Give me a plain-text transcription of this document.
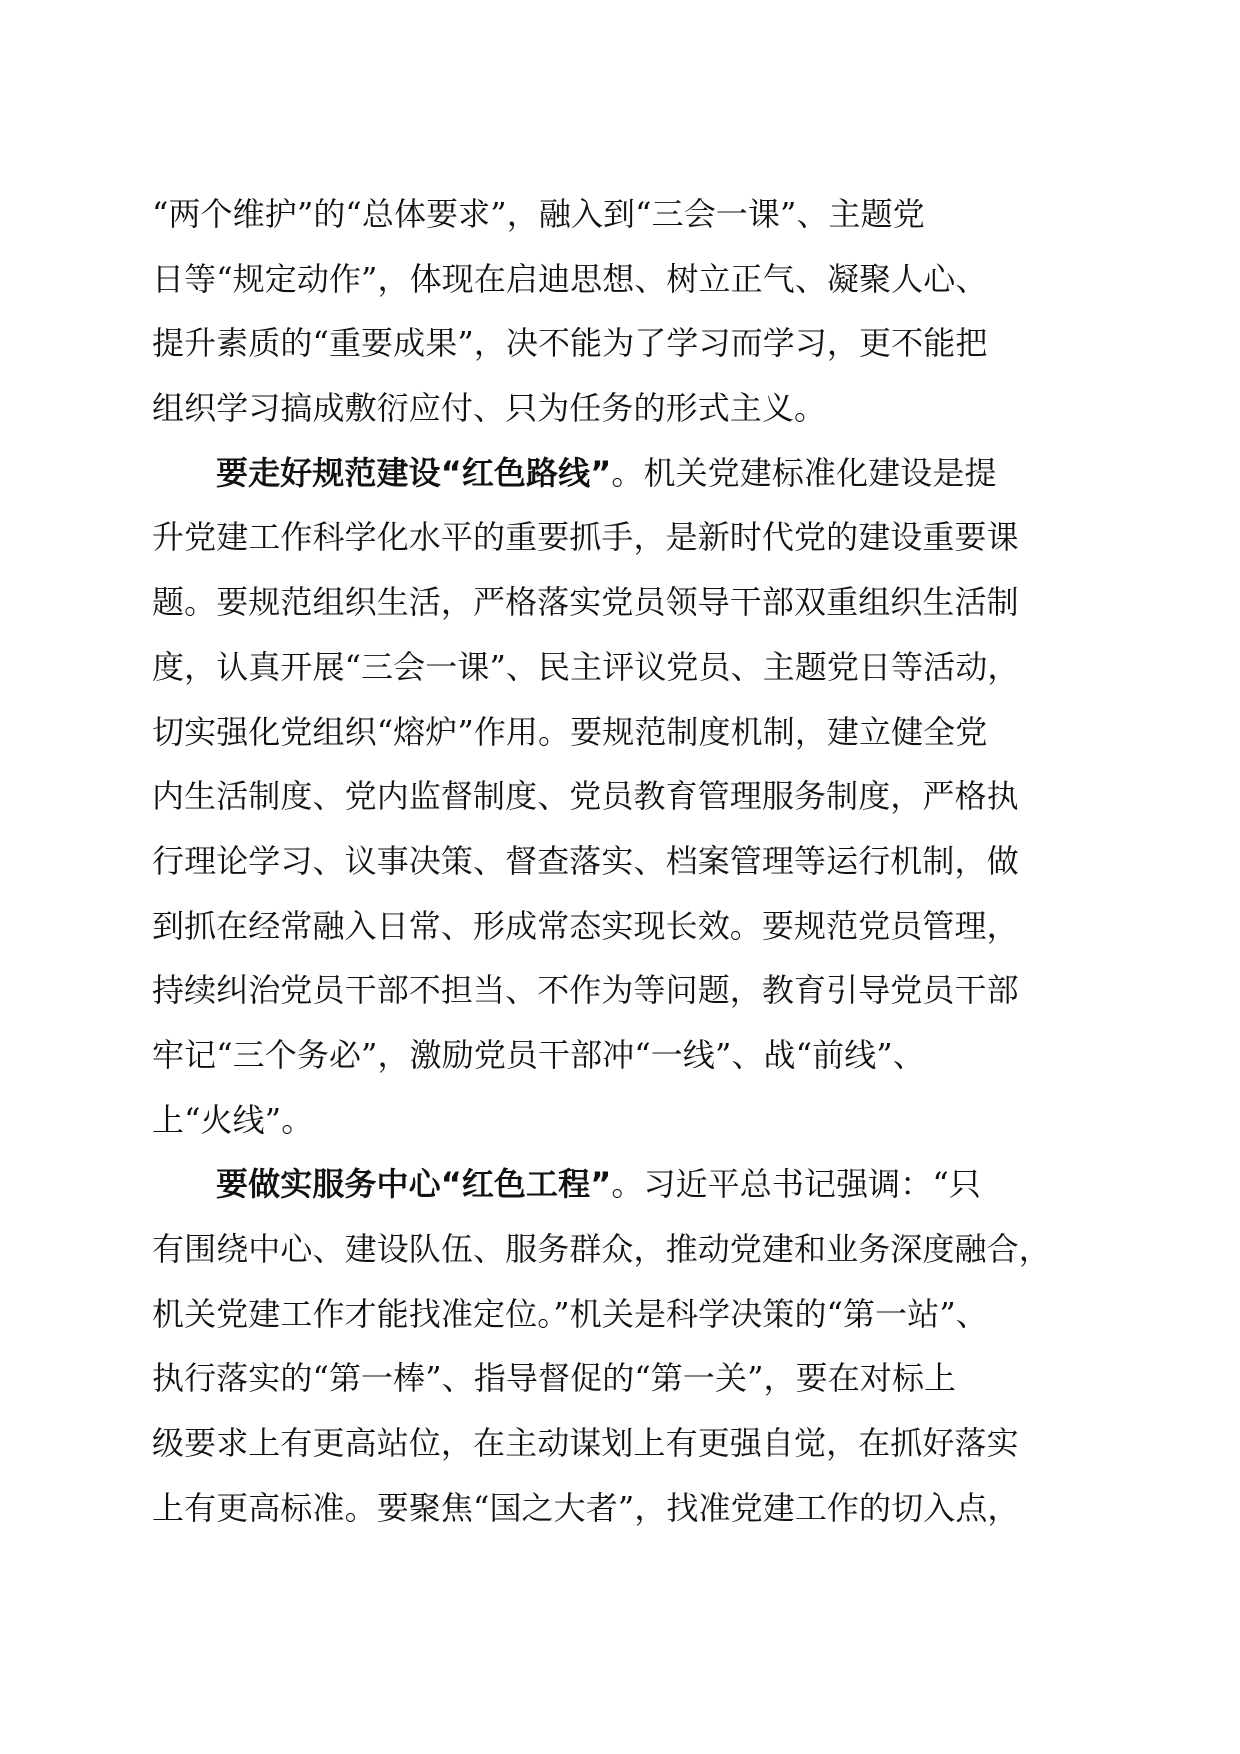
“两个维护”的“总体要求”，融入到“三会一课”、主题党
日等“规定动作”，体现在启迪思想、树立正气、凝聚人心、
提升素质的“重要成果”，决不能为了学习而学习，更不能把
组织学习搞成敷衍应付、只为任务的形式主义。
要走好规范建设“红色路线”。机关党建标准化建设是提
升党建工作科学化水平的重要抓手，是新时代党的建设重要课
题。要规范组织生活，严格落实党员领导干部双重组织生活制
度，认真开展“三会一课”、民主评议党员、主题党日等活动，
切实强化党组织“熔炉”作用。要规范制度机制，建立健全党
内生活制度、党内监督制度、党员教育管理服务制度，严格执
行理论学习、议事决策、督查落实、档案管理等运行机制，做
到抓在经常融入日常、形成常态实现长效。要规范党员管理，
持续纠治党员干部不担当、不作为等问题，教育引导党员干部
牢记“三个务必”，激励党员干部冲“一线”、战“前线”、
上“火线”。
要做实服务中心“红色工程”。习近平总书记强调：“只
有围绕中心、建设队伍、服务群众，推动党建和业务深度融合，
机关党建工作才能找准定位。”机关是科学决策的“第一站”、
执行落实的“第一棒”、指导督促的“第一关”，要在对标上
级要求上有更高站位，在主动谋划上有更强自觉，在抓好落实
上有更高标准。要聚焦“国之大者”，找准党建工作的切入点，
